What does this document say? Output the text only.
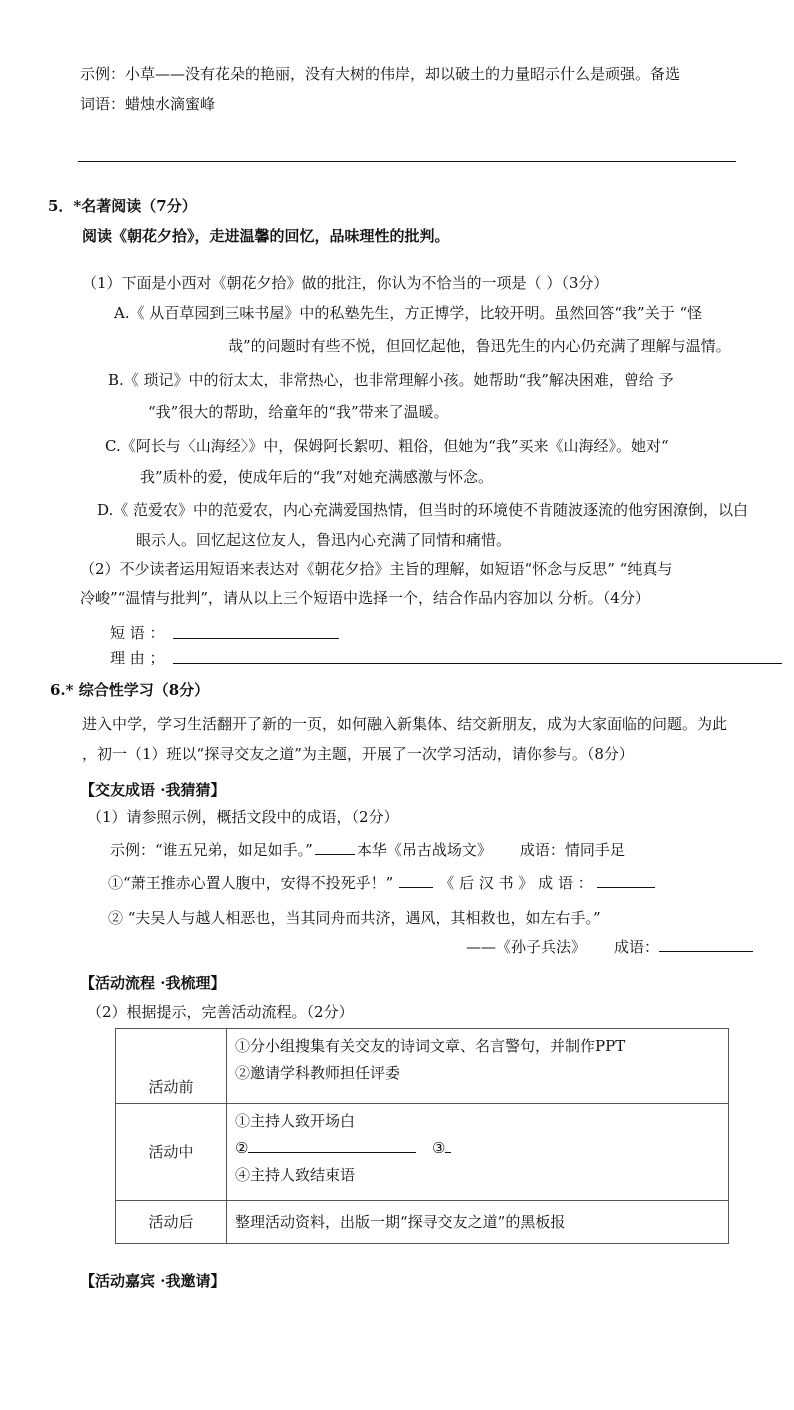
示例：小草——没有花朵的艳丽，没有大树的伟岸，却以破土的力量昭示什么是顽强。备选
词语：蜡烛水滴蜜峰
5．*名著阅读（7分）
阅读《朝花夕拾》，走进温馨的回忆，品味理性的批判。
（1）下面是小西对《朝花夕拾》做的批注，你认为不恰当的一项是（ ）（3分）
A.《 从百草园到三味书屋》中的私塾先生，方正博学，比较开明。虽然回答“我”关于 “怪
哉”的问题时有些不悦，但回忆起他，鲁迅先生的内心仍充满了理解与温情。
B.《 琐记》中的衍太太，非常热心，也非常理解小孩。她帮助“我”解决困难，曾给 予
“我”很大的帮助，给童年的“我”带来了温暖。
C.《阿长与〈山海经〉》中，保姆阿长絮叨、粗俗，但她为“我”买来《山海经》。她对“
我”质朴的爱，使成年后的“我”对她充满感激与怀念。
D.《 范爱农》中的范爱农，内心充满爱国热情，但当时的环境使不肯随波逐流的他穷困潦倒，以白
眼示人。回忆起这位友人，鲁迅内心充满了同情和痛惜。
（2）不少读者运用短语来表达对《朝花夕拾》主旨的理解，如短语“怀念与反思” “纯真与
冷峻”“温情与批判”，请从以上三个短语中选择一个，结合作品内容加以 分析。（4分）
短 语 ：
理 由 ；
6.* 综合性学习（8分）
进入中学，学习生活翻开了新的一页，如何融入新集体、结交新朋友，成为大家面临的问题。为此
，初一（1）班以“探寻交友之道”为主题，开展了一次学习活动，请你参与。（8分）
【交友成语 ·我猜猜】
（1）请参照示例，概括文段中的成语，（2分）
示例：“谁五兄弟，如足如手。”	本华《吊古战场文》 成语：情同手足
①“萧王推赤心置人腹中，安得不投死乎！”	《 后 汉 书 》 成 语 ：
② “夫吴人与越人相恶也，当其同舟而共济，遇风，其相救也，如左右手。”
——《孙子兵法》 成语：
【活动流程 ·我梳理】
（2）根据提示，完善活动流程。（2分）
活动前	①分小组搜集有关交友的诗词文章、名言警句，并制作PPT
②邀请学科教师担任评委

活动中	①主持人致开场白
② ③
④主持人致结束语

活动后	整理活动资料，出版一期“探寻交友之道”的黑板报
【活动嘉宾 ·我邀请】
